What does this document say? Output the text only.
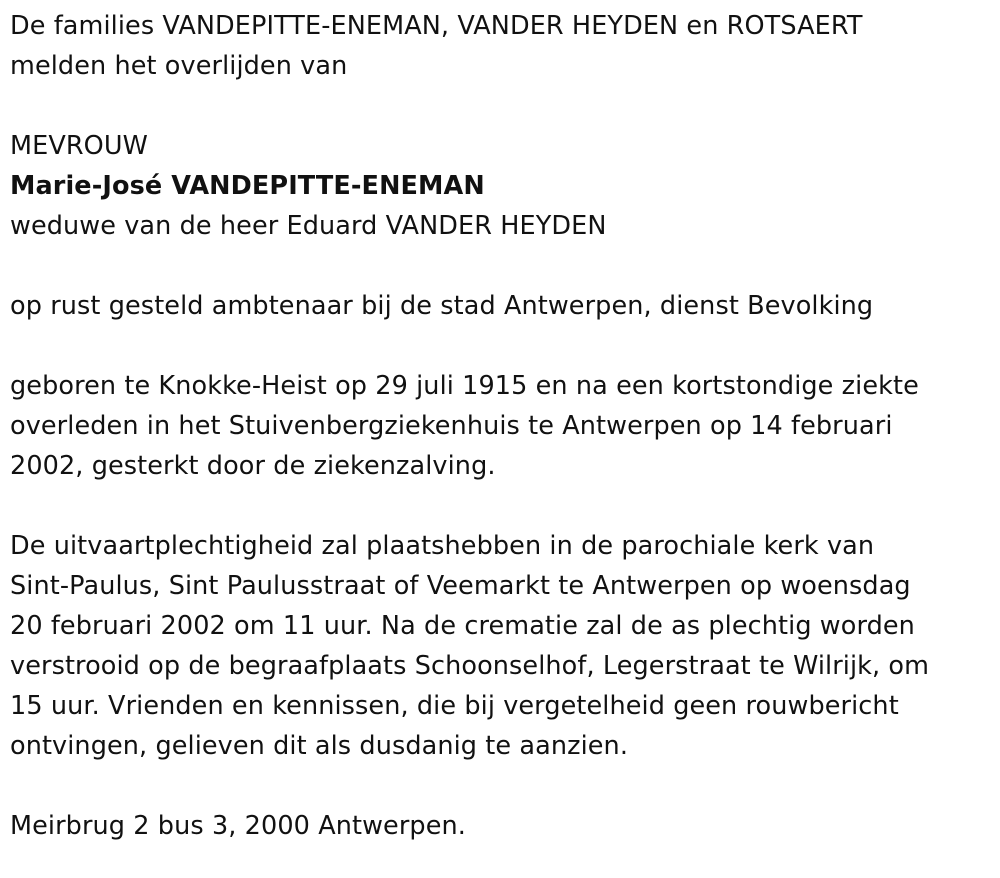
De families VANDEPITTE-ENEMAN, VANDER HEYDEN en ROTSAERT

melden het overlijden van

MEVROUW

Marie-José VANDEPITTE-ENEMAN

weduwe van de heer Eduard VANDER HEYDEN

op rust gesteld ambtenaar bij de stad Antwerpen, dienst Bevolking

geboren te Knokke-Heist op 29 juli 1915 en na een kortstondige ziekte

overleden in het Stuivenbergziekenhuis te Antwerpen op 14 februari

2002, gesterkt door de ziekenzalving.

De uitvaartplechtigheid zal plaatshebben in de parochiale kerk van

Sint-Paulus, Sint Paulusstraat of Veemarkt te Antwerpen op woensdag

20 februari 2002 om 11 uur. Na de crematie zal de as plechtig worden

verstrooid op de begraafplaats Schoonselhof, Legerstraat te Wilrijk, om

15 uur. Vrienden en kennissen, die bij vergetelheid geen rouwbericht

ontvingen, gelieven dit als dusdanig te aanzien.

Meirbrug 2 bus 3, 2000 Antwerpen.
